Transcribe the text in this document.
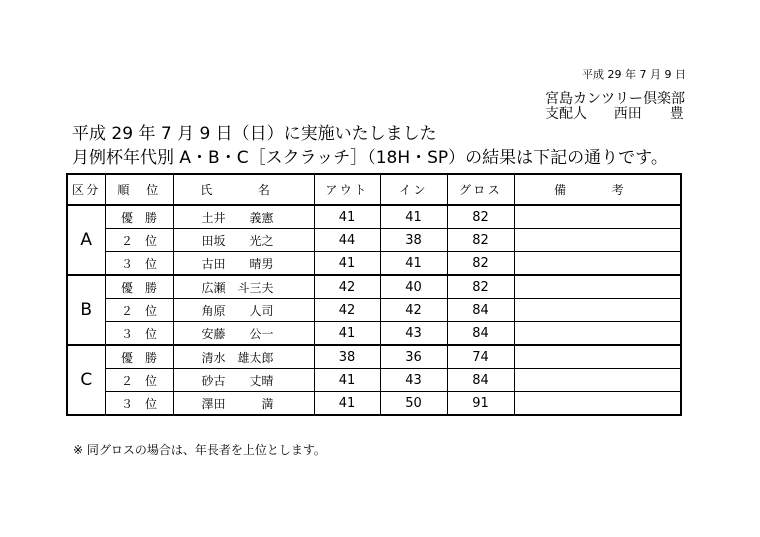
平成 29 年 7 月 9 日
宮島カンツリー倶楽部
支配人 西田　　豊
平成 29 年 7 月 9 日（日）に実施いたしました
月例杯年代別 A・B・C［スクラッチ］（18H・SP）の結果は下記の通りです。
区分	順　位	氏　名	アウト	イン	グロス	備　考
A	優　勝	土井　　義憲	41	41	82	
	２　位	田坂　　光之	44	38	82	
	３　位	古田　　晴男	41	41	82	
B	優　勝	広瀬　斗三夫	42	40	82	
	２　位	角原　　人司	42	42	84	
	３　位	安藤　　公一	41	43	84	
C	優　勝	清水　雄太郎	38	36	74	
	２　位	砂古　　丈晴	41	43	84	
	３　位	澤田　　　満	41	50	91	
※ 同グロスの場合は、年長者を上位とします。
